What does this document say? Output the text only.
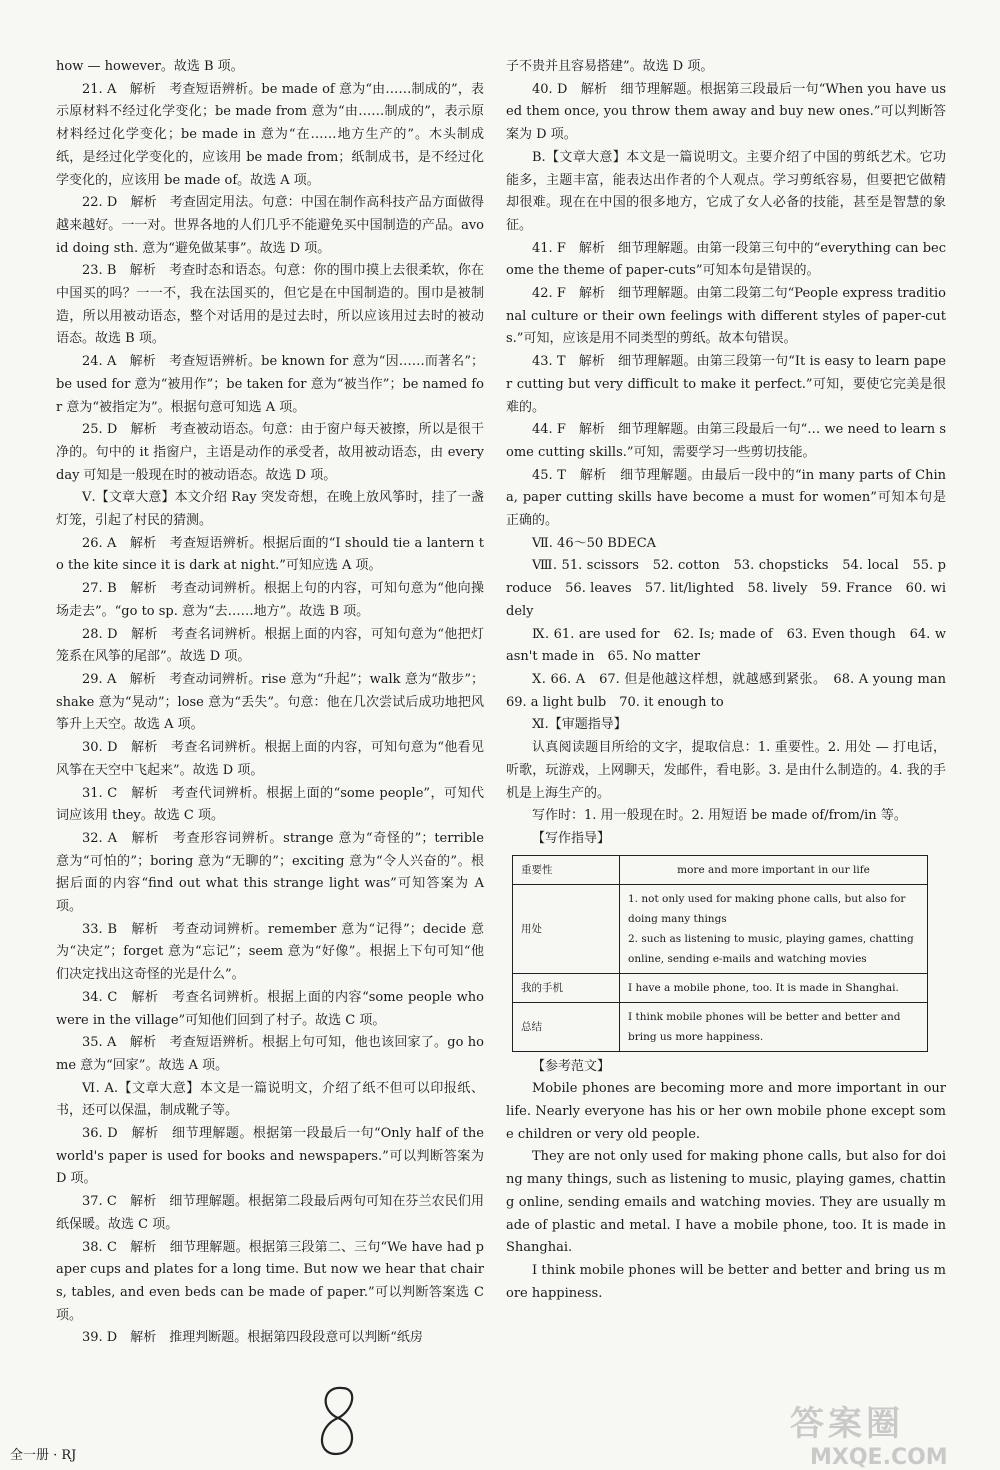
how — however。故选 B 项。

21. A　解析　考查短语辨析。be made of 意为“由……制成的”，表示原材料不经过化学变化；be made from 意为“由……制成的”，表示原材料经过化学变化；be made in 意为“在……地方生产的”。木头制成纸，是经过化学变化的，应该用 be made from；纸制成书，是不经过化学变化的，应该用 be made of。故选 A 项。

22. D　解析　考查固定用法。句意：中国在制作高科技产品方面做得越来越好。一一对。世界各地的人们几乎不能避免买中国制造的产品。avoid doing sth. 意为“避免做某事”。故选 D 项。

23. B　解析　考查时态和语态。句意：你的围巾摸上去很柔软，你在中国买的吗？一一不，我在法国买的，但它是在中国制造的。围巾是被制造，所以用被动语态，整个对话用的是过去时，所以应该用过去时的被动语态。故选 B 项。

24. A　解析　考查短语辨析。be known for 意为“因……而著名”；be used for 意为“被用作”；be taken for 意为“被当作”；be named for 意为“被指定为”。根据句意可知选 A 项。

25. D　解析　考查被动语态。句意：由于窗户每天被擦，所以是很干净的。句中的 it 指窗户，主语是动作的承受者，故用被动语态，由 every day 可知是一般现在时的被动语态。故选 D 项。

Ⅴ.【文章大意】本文介绍 Ray 突发奇想，在晚上放风筝时，挂了一盏灯笼，引起了村民的猜测。

26. A　解析　考查短语辨析。根据后面的“I should tie a lantern to the kite since it is dark at night.”可知应选 A 项。

27. B　解析　考查动词辨析。根据上句的内容，可知句意为“他向操场走去”。“go to sp. 意为“去……地方”。故选 B 项。

28. D　解析　考查名词辨析。根据上面的内容，可知句意为“他把灯笼系在风筝的尾部”。故选 D 项。

29. A　解析　考查动词辨析。rise 意为“升起”；walk 意为“散步”；shake 意为“晃动”；lose 意为“丢失”。句意：他在几次尝试后成功地把风筝升上天空。故选 A 项。

30. D　解析　考查名词辨析。根据上面的内容，可知句意为“他看见风筝在天空中飞起来”。故选 D 项。

31. C　解析　考查代词辨析。根据上面的“some people”，可知代词应该用 they。故选 C 项。

32. A　解析　考查形容词辨析。strange 意为“奇怪的”；terrible 意为“可怕的”；boring 意为“无聊的”；exciting 意为“令人兴奋的”。根据后面的内容“find out what this strange light was”可知答案为 A 项。

33. B　解析　考查动词辨析。remember 意为“记得”；decide 意为“决定”；forget 意为“忘记”；seem 意为“好像”。根据上下句可知“他们决定找出这奇怪的光是什么”。

34. C　解析　考查名词辨析。根据上面的内容“some people who were in the village”可知他们回到了村子。故选 C 项。

35. A　解析　考查短语辨析。根据上句可知，他也该回家了。go home 意为“回家”。故选 A 项。

Ⅵ. A.【文章大意】本文是一篇说明文，介绍了纸不但可以印报纸、书，还可以保温，制成靴子等。

36. D　解析　细节理解题。根据第一段最后一句“Only half of the world's paper is used for books and newspapers.”可以判断答案为 D 项。

37. C　解析　细节理解题。根据第二段最后两句可知在芬兰农民们用纸保暖。故选 C 项。

38. C　解析　细节理解题。根据第三段第二、三句“We have had paper cups and plates for a long time. But now we hear that chairs, tables, and even beds can be made of paper.”可以判断答案选 C 项。

39. D　解析　推理判断题。根据第四段段意可以判断“纸房

子不贵并且容易搭建”。故选 D 项。

40. D　解析　细节理解题。根据第三段最后一句“When you have used them once, you throw them away and buy new ones.”可以判断答案为 D 项。

B.【文章大意】本文是一篇说明文。主要介绍了中国的剪纸艺术。它功能多，主题丰富，能表达出作者的个人观点。学习剪纸容易，但要把它做精却很难。现在在中国的很多地方，它成了女人必备的技能，甚至是智慧的象征。

41. F　解析　细节理解题。由第一段第三句中的“everything can become the theme of paper-cuts”可知本句是错误的。

42. F　解析　细节理解题。由第二段第二句“People express traditional culture or their own feelings with different styles of paper-cuts.”可知，应该是用不同类型的剪纸。故本句错误。

43. T　解析　细节理解题。由第三段第一句“It is easy to learn paper cutting but very difficult to make it perfect.”可知，要使它完美是很难的。

44. F　解析　细节理解题。由第三段最后一句“… we need to learn some cutting skills.”可知，需要学习一些剪切技能。

45. T　解析　细节理解题。由最后一段中的“in many parts of China, paper cutting skills have become a must for women”可知本句是正确的。

Ⅶ. 46～50 BDECA

Ⅷ. 51. scissors　52. cotton　53. chopsticks　54. local　55. produce　56. leaves　57. lit/lighted　58. lively　59. France　60. widely

Ⅸ. 61. are used for　62. Is; made of　63. Even though　64. wasn't made in　65. No matter

Ⅹ. 66. A　67. 但是他越这样想，就越感到紧张。　68. A young man　69. a light bulb　70. it enough to

Ⅺ.【审题指导】

认真阅读题目所给的文字，提取信息：1. 重要性。2. 用处 — 打电话，听歌，玩游戏，上网聊天，发邮件，看电影。3. 是由什么制造的。4. 我的手机是上海生产的。

写作时：1. 用一般现在时。2. 用短语 be made of/from/in 等。

【写作指导】

重要性	more and more important in our life
用处	1. not only used for making phone calls, but also for doing many things
2. such as listening to music, playing games, chatting online, sending e-mails and watching movies
我的手机	I have a mobile phone, too. It is made in Shanghai.
总结	I think mobile phones will be better and better and bring us more happiness.

【参考范文】

Mobile phones are becoming more and more important in our life. Nearly everyone has his or her own mobile phone except some children or very old people.

They are not only used for making phone calls, but also for doing many things, such as listening to music, playing games, chatting online, sending emails and watching movies. They are usually made of plastic and metal. I have a mobile phone, too. It is made in Shanghai.

I think mobile phones will be better and better and bring us more happiness.

全一册 · RJ
答案圈
MXQE.COM
